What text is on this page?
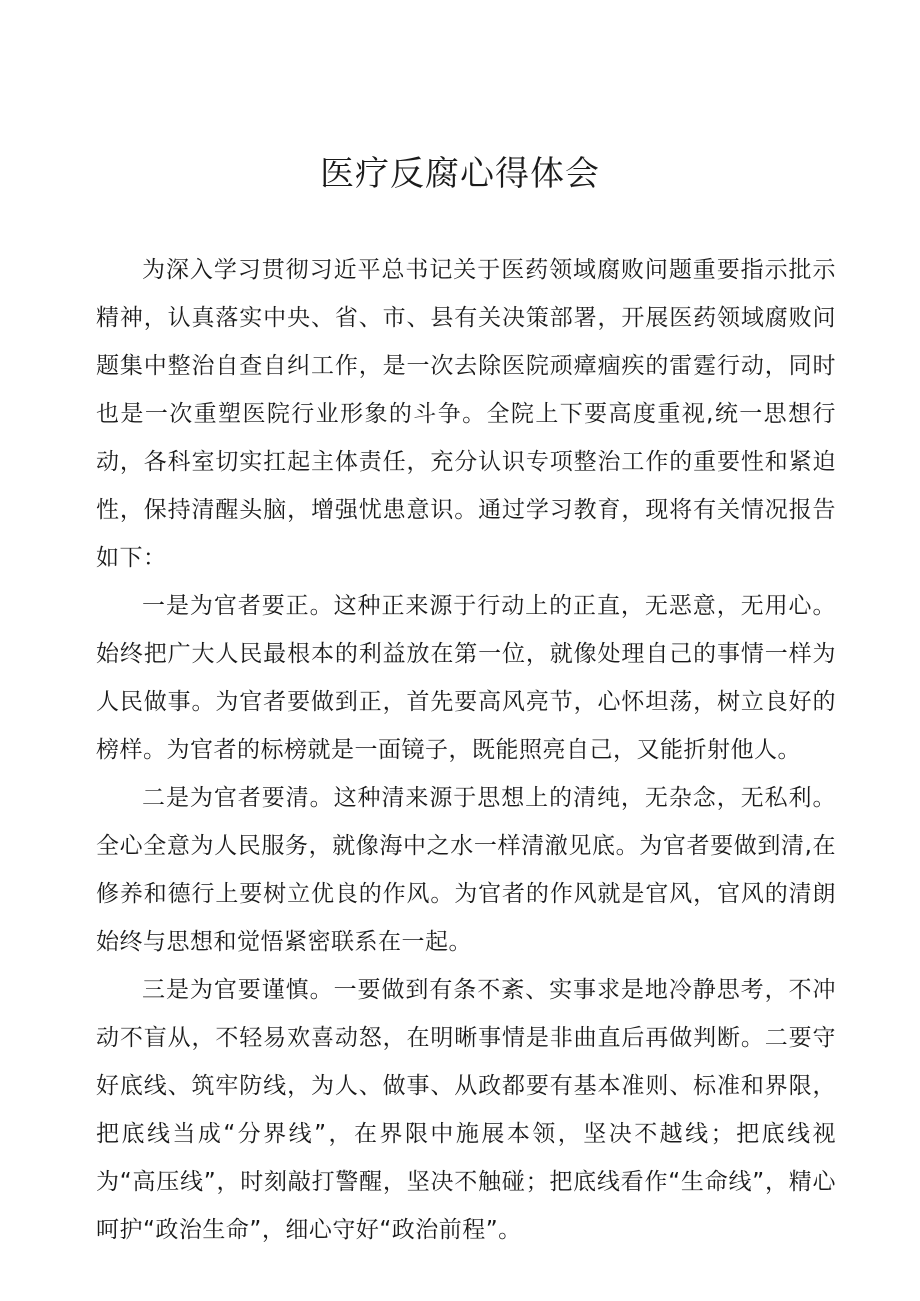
医疗反腐心得体会

为深入学习贯彻习近平总书记关于医药领域腐败问题重要指示批示精神，认真落实中央、省、市、县有关决策部署，开展医药领域腐败问题集中整治自查自纠工作，是一次去除医院顽瘴痼疾的雷霆行动，同时也是一次重塑医院行业形象的斗争。全院上下要高度重视,统一思想行动，各科室切实扛起主体责任，充分认识专项整治工作的重要性和紧迫性，保持清醒头脑，增强忧患意识。通过学习教育，现将有关情况报告如下：

一是为官者要正。这种正来源于行动上的正直，无恶意，无用心。始终把广大人民最根本的利益放在第一位，就像处理自己的事情一样为人民做事。为官者要做到正，首先要高风亮节，心怀坦荡，树立良好的榜样。为官者的标榜就是一面镜子，既能照亮自己，又能折射他人。

二是为官者要清。这种清来源于思想上的清纯，无杂念，无私利。全心全意为人民服务，就像海中之水一样清澈见底。为官者要做到清,在修养和德行上要树立优良的作风。为官者的作风就是官风，官风的清朗始终与思想和觉悟紧密联系在一起。

三是为官要谨慎。一要做到有条不紊、实事求是地冷静思考，不冲动不盲从，不轻易欢喜动怒，在明晰事情是非曲直后再做判断。二要守好底线、筑牢防线，为人、做事、从政都要有基本准则、标准和界限，把底线当成“分界线”，在界限中施展本领，坚决不越线；把底线视为“高压线”，时刻敲打警醒，坚决不触碰；把底线看作“生命线”，精心呵护“政治生命”，细心守好“政治前程”。
